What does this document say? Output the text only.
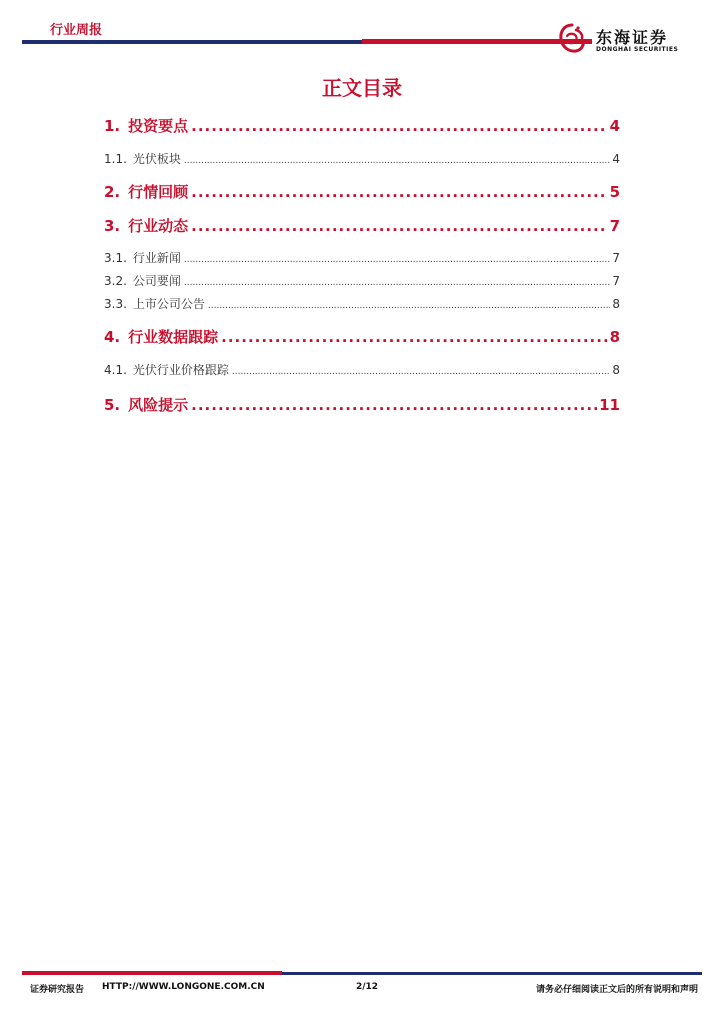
行业周报	东海证券
DONGHAI SECURITIES
正文目录
1. 投资要点 .....	4
1.1. 光伏板块 .....	4
2. 行情回顾 .....	5
3. 行业动态 .....	7
3.1. 行业新闻 .....	7
3.2. 公司要闻 .....	7
3.3. 上市公司公告 .....	8
4. 行业数据跟踪 .....	8
4.1. 光伏行业价格跟踪 .....	8
5. 风险提示 .....	11
证券研究报告 HTTP://WWW.LONGONE.COM.CN	2/12	请务必仔细阅读正文后的所有说明和声明
